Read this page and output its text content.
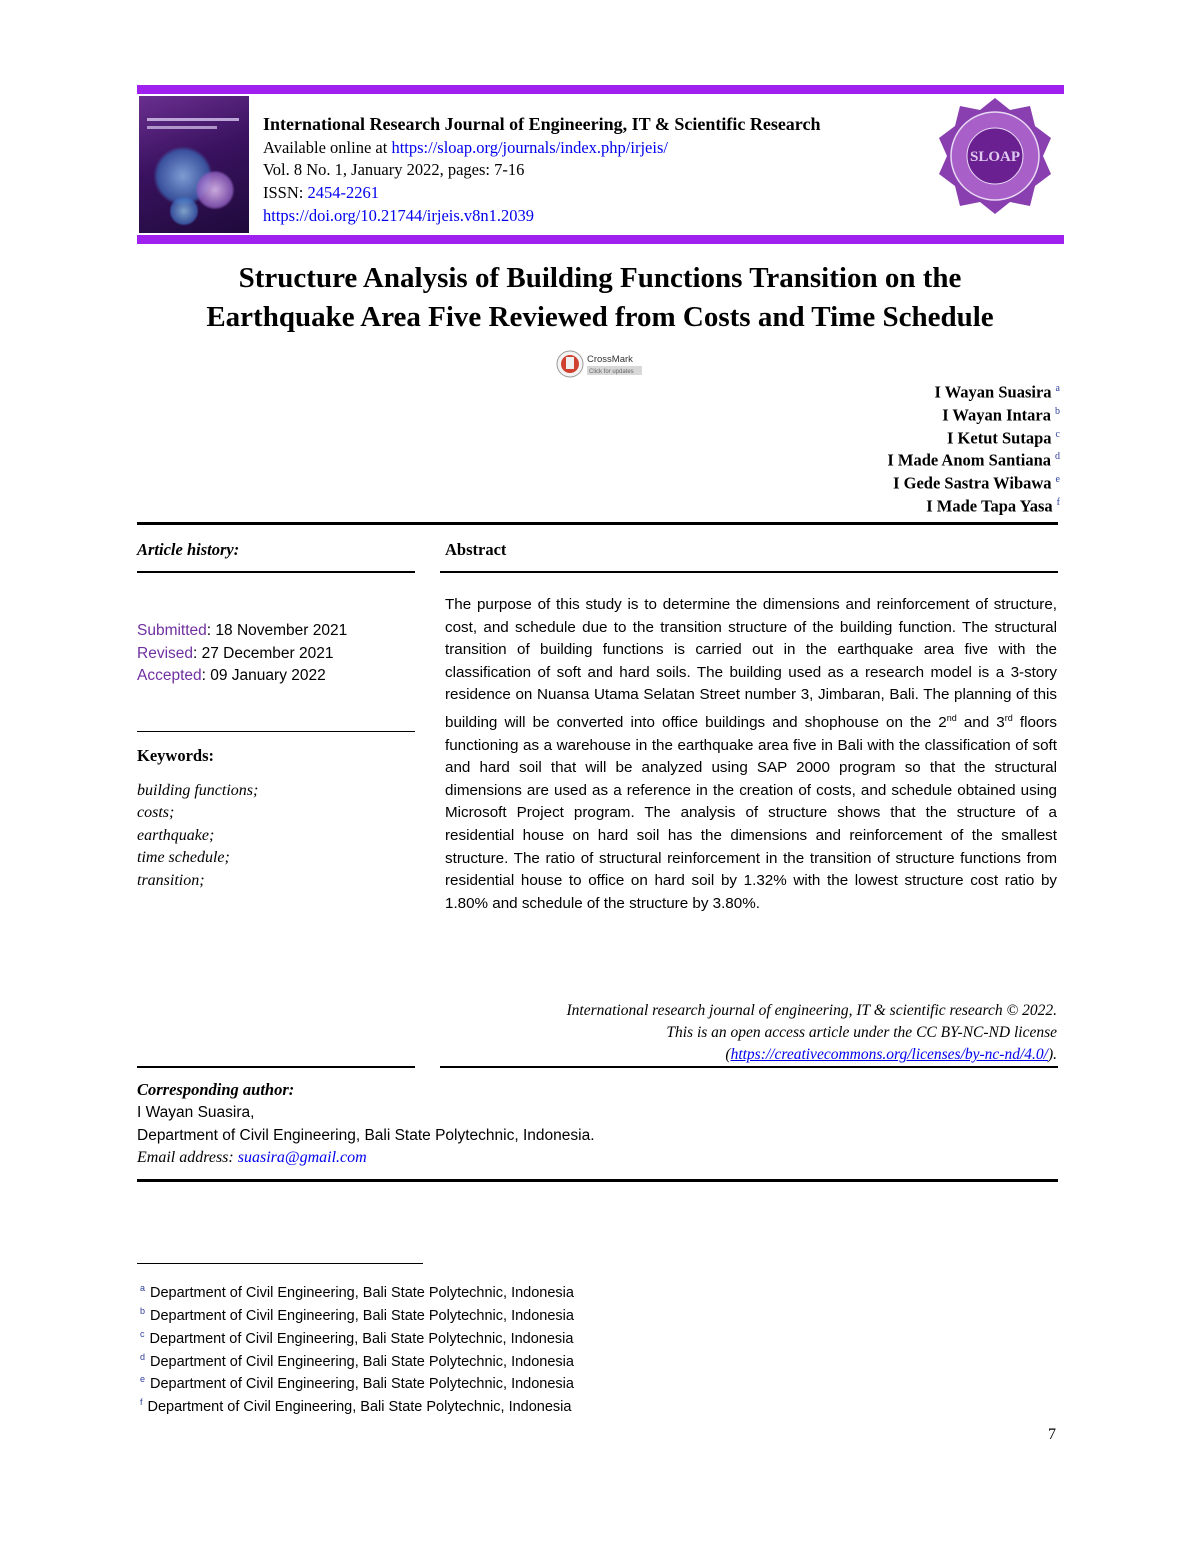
International Research Journal of Engineering, IT & Scientific Research
Available online at https://sloap.org/journals/index.php/irjeis/
Vol. 8 No. 1, January 2022, pages: 7-16
ISSN: 2454-2261
https://doi.org/10.21744/irjeis.v8n1.2039
SLOAP
Structure Analysis of Building Functions Transition on the
Earthquake Area Five Reviewed from Costs and Time Schedule
CrossMark
Click for updates
I Wayan Suasira $^a$
I Wayan Intara $^b$
I Ketut Sutapa $^c$
I Made Anom Santiana $^d$
I Gede Sastra Wibawa $^e$
I Made Tapa Yasa $^f$
Article history:
Submitted: 18 November 2021
Revised: 27 December 2021
Accepted: 09 January 2022
Keywords:
building functions;
costs;
earthquake;
time schedule;
transition;
Abstract
The purpose of this study is to determine the dimensions and reinforcement of structure, cost, and schedule due to the transition structure of the building function. The structural transition of building functions is carried out in the earthquake area five with the classification of soft and hard soils. The building used as a research model is a 3-story residence on Nuansa Utama Selatan Street number 3, Jimbaran, Bali. The planning of this building will be converted into office buildings and shophouse on the 2nd and 3rd floors functioning as a warehouse in the earthquake area five in Bali with the classification of soft and hard soil that will be analyzed using SAP 2000 program so that the structural dimensions are used as a reference in the creation of costs, and schedule obtained using Microsoft Project program. The analysis of structure shows that the structure of a residential house on hard soil has the dimensions and reinforcement of the smallest structure. The ratio of structural reinforcement in the transition of structure functions from residential house to office on hard soil by 1.32% with the lowest structure cost ratio by 1.80% and schedule of the structure by 3.80%.
International research journal of engineering, IT & scientific research © 2022.
This is an open access article under the CC BY-NC-ND license
(https://creativecommons.org/licenses/by-nc-nd/4.0/).
Corresponding author:
I Wayan Suasira,
Department of Civil Engineering, Bali State Polytechnic, Indonesia.
Email address: suasira@gmail.com
$^a$ Department of Civil Engineering, Bali State Polytechnic, Indonesia
$^b$ Department of Civil Engineering, Bali State Polytechnic, Indonesia
$^c$ Department of Civil Engineering, Bali State Polytechnic, Indonesia
$^d$ Department of Civil Engineering, Bali State Polytechnic, Indonesia
$^e$ Department of Civil Engineering, Bali State Polytechnic, Indonesia
$^f$ Department of Civil Engineering, Bali State Polytechnic, Indonesia
7
